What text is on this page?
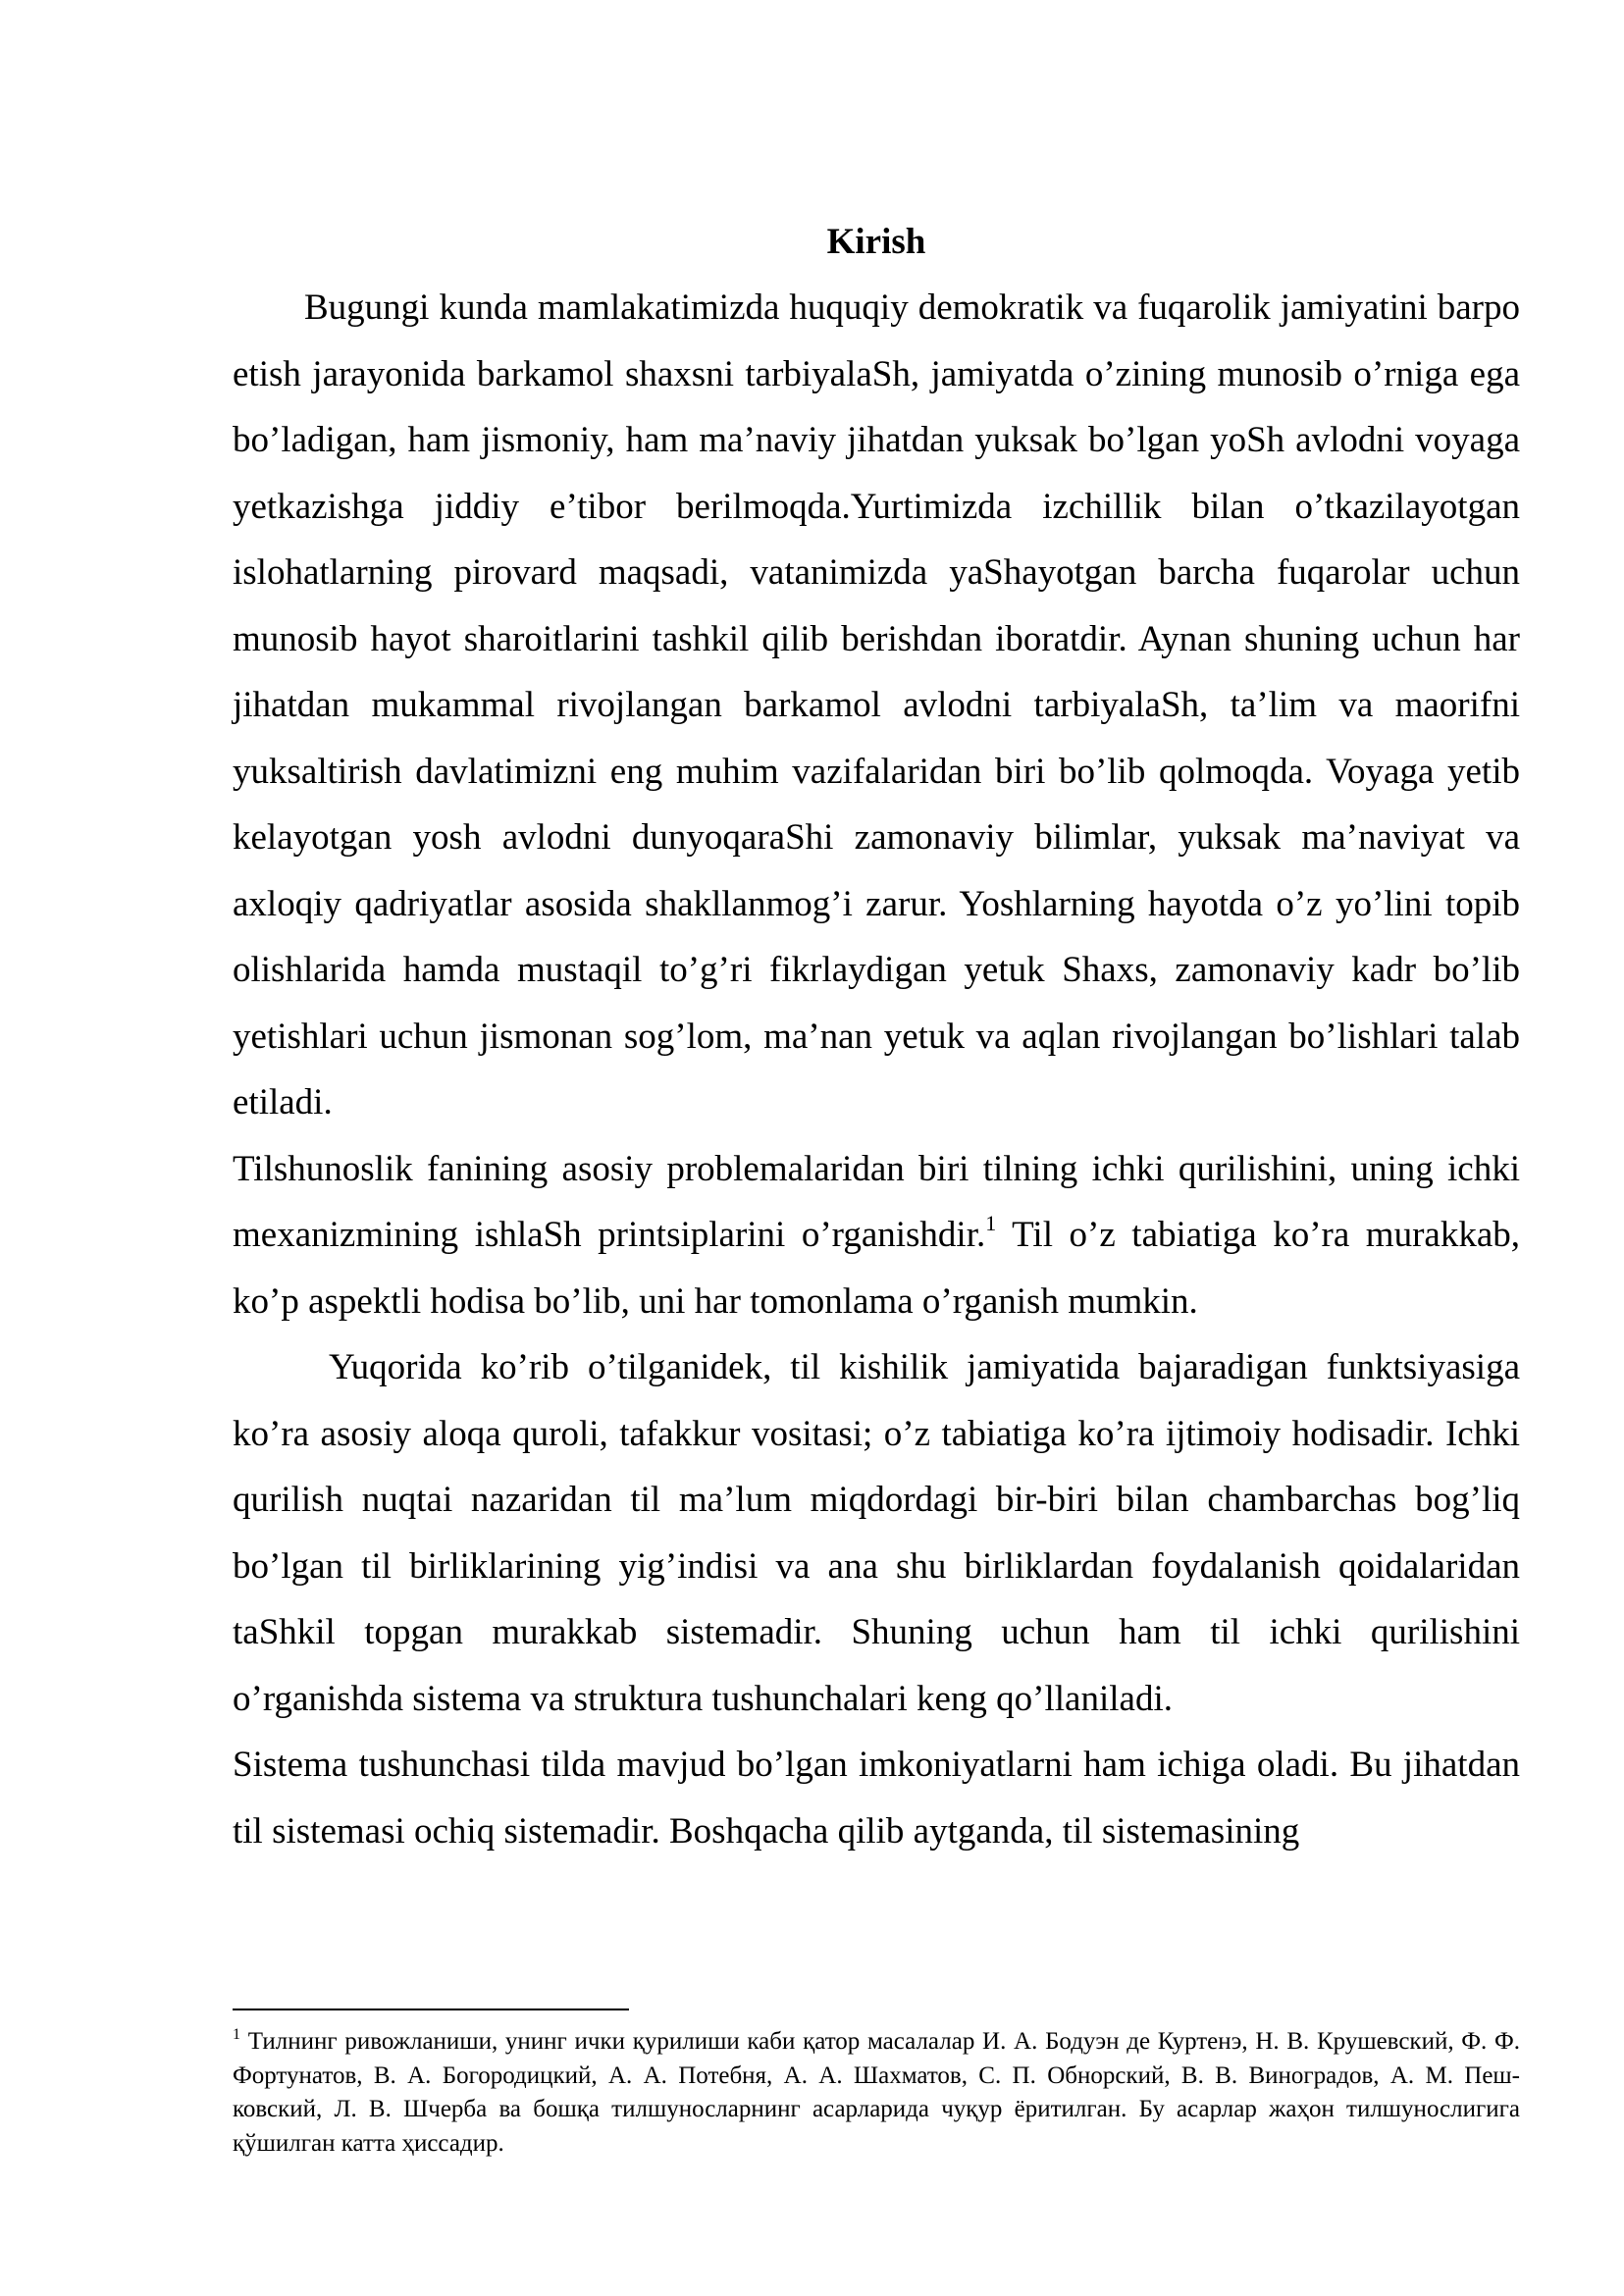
Kirish

Bugungi kunda mamlakatimizda huquqiy demokratik va fuqarolik jamiyatini barpo etish jarayonida barkamol shaxsni tarbiyalaSh, jamiyatda o’zining munosib o’rniga ega bo’ladigan, ham jismoniy, ham ma’naviy jihatdan yuksak bo’lgan yoSh avlodni voyaga yetkazishga jiddiy e’tibor berilmoqda.Yurtimizda izchillik bilan o’tkazilayotgan islohatlarning pirovard maqsadi, vatanimizda yaShayotgan barcha fuqarolar uchun munosib hayot sharoitlarini tashkil qilib berishdan iboratdir. Aynan shuning uchun har jihatdan mukammal rivojlangan barkamol avlodni tarbiyalaSh, ta’lim va maorifni yuksaltirish davlatimizni eng muhim vazifalaridan biri bo’lib qolmoqda. Voyaga yetib kelayotgan yosh avlodni dunyoqaraShi zamonaviy bilimlar, yuksak ma’naviyat va axloqiy qadriyatlar asosida shakllanmog’i zarur. Yoshlarning hayotda o’z yo’lini topib olishlarida hamda mustaqil to’g’ri fikrlaydigan yetuk Shaxs, zamonaviy kadr bo’lib yetishlari uchun jismonan sog’lom, ma’nan yetuk va aqlan rivojlangan bo’lishlari talab etiladi.

Tilshunoslik fanining asosiy problemalaridan biri tilning ichki qurilishini, uning ichki mexanizmining ishlaSh printsiplarini o’rganishdir.$^1$ Til o’z tabiatiga ko’ra murakkab, ko’p aspektli hodisa bo’lib, uni har tomonlama o’rganish mumkin.

Yuqorida ko’rib o’tilganidek, til kishilik jamiyatida bajaradigan funktsiyasiga ko’ra asosiy aloqa quroli, tafakkur vositasi; o’z tabiatiga ko’ra ijtimoiy hodisadir. Ichki qurilish nuqtai nazaridan til ma’lum miqdordagi bir-biri bilan chambarchas bog’liq bo’lgan til birliklarining yig’indisi va ana shu birliklardan foydalanish qoidalaridan taShkil topgan murakkab sistemadir. Shuning uchun ham til ichki qurilishini o’rganishda sistema va struktura tushunchalari keng qo’llaniladi.

Sistema tushunchasi tilda mavjud bo’lgan imkoniyatlarni ham ichiga oladi. Bu jihatdan til sistemasi ochiq sistemadir. Boshqacha qilib aytganda, til sistemasining

$^1$ Тилнинг ривожланиши, унинг ички қурилиши каби қатор масалалар И. А. Бодуэн де Куртенэ, Н. В. Крушевский, Ф. Ф. Фортунатов, В. А. Богородицкий, А. А. Потебня, А. А. Шахматов, С. П. Обнорский, В. В. Виноградов, А. М. Пеш- ковский, Л. В. Шчерба ва бошқа тилшуносларнинг асарларида чуқур ёритилган. Бу асарлар жаҳон тилшунослигига қўшилган катта ҳиссадир.
